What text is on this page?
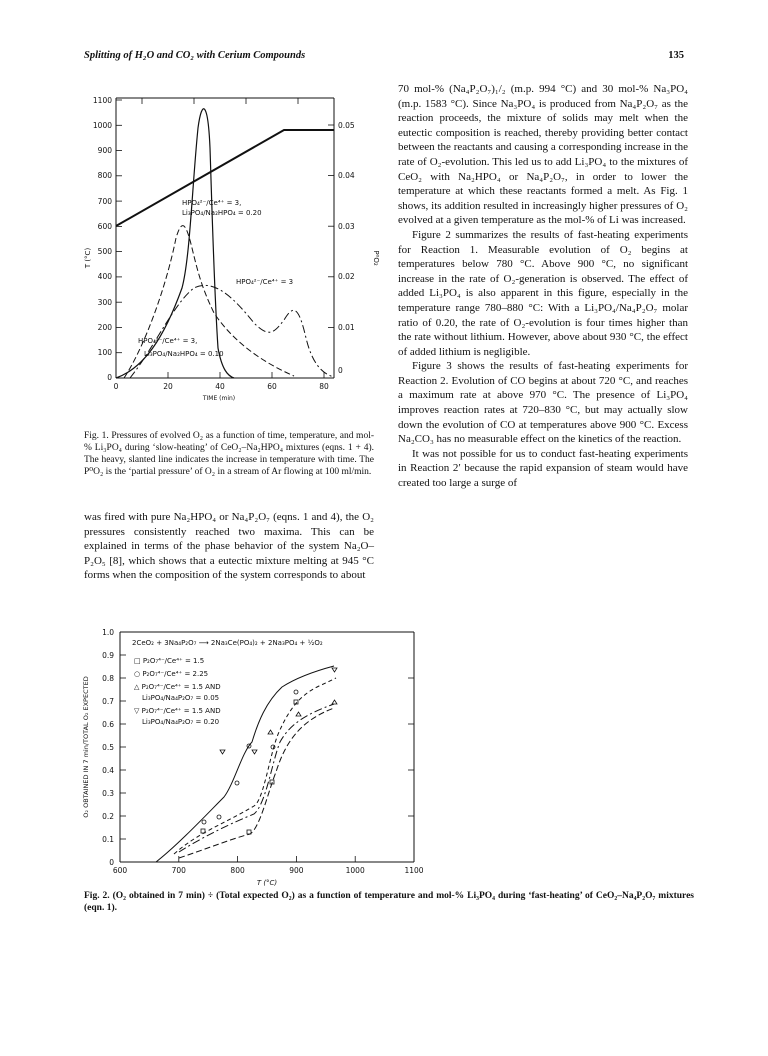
Splitting of H₂O and CO₂ with Cerium Compounds	135
0
100
200
300
400
500
600
700
800
900
1000
1100
T (°C)
0
0.01
0.02
0.03
0.04
0.05
P⁰O₂
0	20	40	60	80
TIME (min)
HPO₄²⁻/Ce⁴⁺ = 3,
Li₃PO₄/Na₂HPO₄ = 0.20
HPO₄²⁻/Ce⁴⁺ = 3
HPO₄²⁻/Ce⁴⁺ = 3,
Li₃PO₄/Na₂HPO₄ = 0.10
Fig. 1. Pressures of evolved O₂ as a function of time, temperature, and mol-% Li₃PO₄ during ‘slow-heating’ of CeO₂–Na₂HPO₄ mixtures (eqns. 1 + 4). The heavy, slanted line indicates the increase in temperature with time. The P⁰O₂ is the ‘partial pressure’ of O₂ in a stream of Ar flowing at 100 ml/min.

70 mol-% (Na₄P₂O₇)₁/₂ (m.p. 994 °C) and 30 mol-% Na₃PO₄ (m.p. 1583 °C). Since Na₃PO₄ is produced from Na₄P₂O₇ as the reaction proceeds, the mixture of solids may melt when the eutectic composition is reached, thereby providing better contact between the reactants and causing a corresponding increase in the rate of O₂-evolution. This led us to add Li₃PO₄ to the mixtures of CeO₂ with Na₂HPO₄ or Na₄P₂O₇, in order to lower the temperature at which these reactants formed a melt. As Fig. 1 shows, its addition resulted in increasingly higher pressures of O₂ evolved at a given temperature as the mol-% of Li was increased.

Figure 2 summarizes the results of fast-heating experiments for Reaction 1. Measurable evolution of O₂ begins at temperatures below 780 °C. Above 900 °C, no significant increase in the rate of O₂-generation is observed. The effect of added Li₃PO₄ is also apparent in this figure, especially in the temperature range 780–880 °C: With a Li₃PO₄/Na₄P₂O₇ molar ratio of 0.20, the rate of O₂-evolution is four times higher than the rate without lithium. However, above about 930 °C, the effect of added lithium is negligible.

Figure 3 shows the results of fast-heating experiments for Reaction 2. Evolution of CO begins at about 720 °C, and reaches a maximum rate at above 970 °C. The presence of Li₃PO₄ improves reaction rates at 720–830 °C, but may actually slow down the evolution of CO at temperatures above 900 °C. Excess Na₂CO₃ has no measurable effect on the kinetics of the reaction.

It was not possible for us to conduct fast-heating experiments in Reaction 2′ because the rapid expansion of steam would have created too large a surge of

was fired with pure Na₂HPO₄ or Na₄P₂O₇ (eqns. 1 and 4), the O₂ pressures consistently reached two maxima. This can be explained in terms of the phase behavior of the system Na₂O–P₂O₅ [8], which shows that a eutectic mixture melting at 945 °C forms when the composition of the system corresponds to about

0
0.1
0.2
0.3
0.4
0.5
0.6
0.7
0.8
0.9
1.0
O₂ OBTAINED IN 7 min/TOTAL O₂ EXPECTED
600	700	800	900	1000	1100
T (°C)
2CeO₂ + 3Na₄P₂O₇ ⟶ 2Na₃Ce(PO₄)₂ + 2Na₃PO₄ + ½O₂
□ P₂O₇⁴⁻/Ce⁴⁺ = 1.5
○ P₂O₇⁴⁻/Ce⁴⁺ = 2.25
△ P₂O₇⁴⁻/Ce⁴⁺ = 1.5 AND
Li₃PO₄/Na₄P₂O₇ = 0.05
▽ P₂O₇⁴⁻/Ce⁴⁺ = 1.5 AND
Li₃PO₄/Na₄P₂O₇ = 0.20
Fig. 2. (O₂ obtained in 7 min) ÷ (Total expected O₂) as a function of temperature and mol-% Li₃PO₄ during ‘fast-heating’ of CeO₂–Na₄P₂O₇ mixtures (eqn. 1).
